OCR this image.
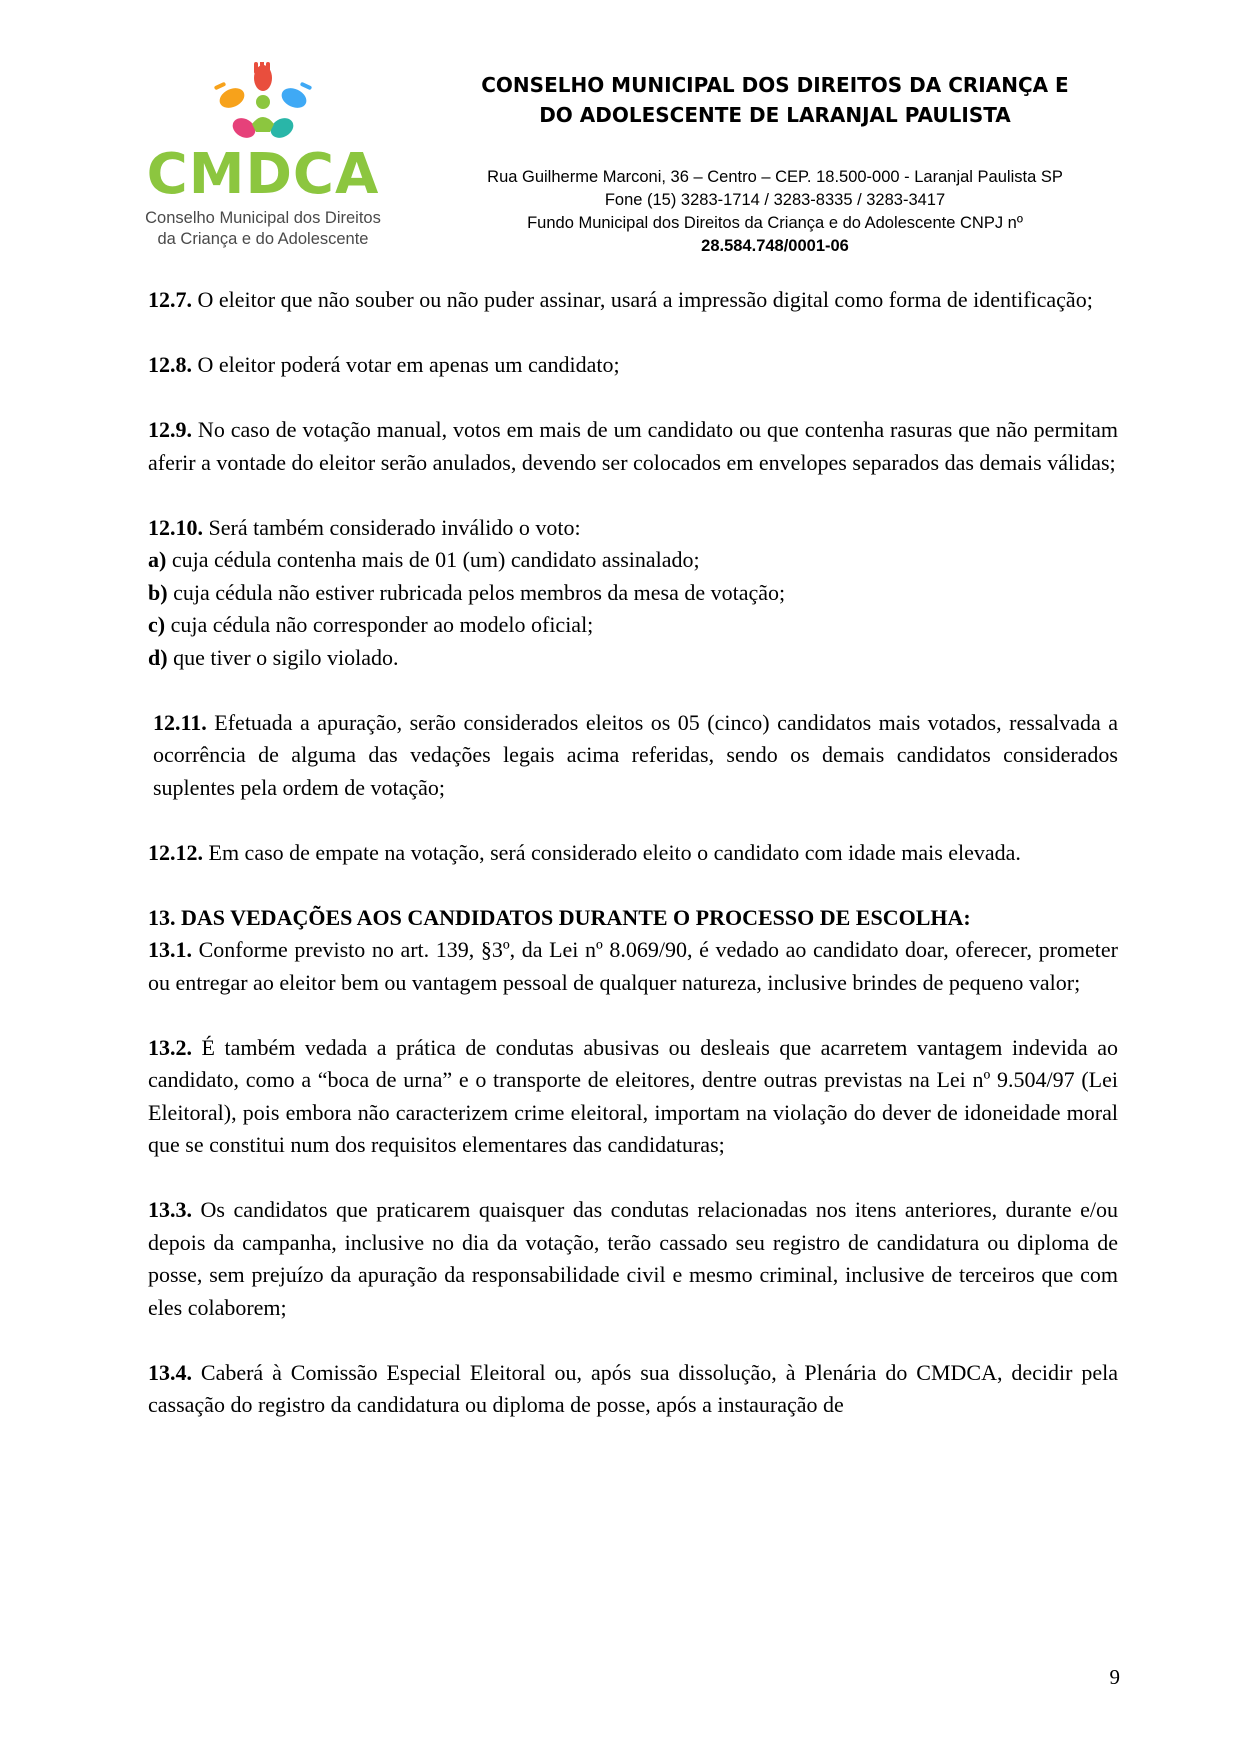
CMDCA
Conselho Municipal dos Direitos
da Criança e do Adolescente
CONSELHO MUNICIPAL DOS DIREITOS DA CRIANÇA E
DO ADOLESCENTE DE LARANJAL PAULISTA
Rua Guilherme Marconi, 36 – Centro – CEP. 18.500-000 - Laranjal Paulista SP
Fone (15) 3283-1714 / 3283-8335 / 3283-3417
Fundo Municipal dos Direitos da Criança e do Adolescente CNPJ nº
28.584.748/0001-06

12.7. O eleitor que não souber ou não puder assinar, usará a impressão digital como forma de identificação;

12.8. O eleitor poderá votar em apenas um candidato;

12.9. No caso de votação manual, votos em mais de um candidato ou que contenha rasuras que não permitam aferir a vontade do eleitor serão anulados, devendo ser colocados em envelopes separados das demais válidas;

12.10. Será também considerado inválido o voto:

a) cuja cédula contenha mais de 01 (um) candidato assinalado;

b) cuja cédula não estiver rubricada pelos membros da mesa de votação;

c) cuja cédula não corresponder ao modelo oficial;

d) que tiver o sigilo violado.

12.11. Efetuada a apuração, serão considerados eleitos os 05 (cinco) candidatos mais votados, ressalvada a ocorrência de alguma das vedações legais acima referidas, sendo os demais candidatos considerados suplentes pela ordem de votação;

12.12. Em caso de empate na votação, será considerado eleito o candidato com idade mais elevada.

13. DAS VEDAÇÕES AOS CANDIDATOS DURANTE O PROCESSO DE ESCOLHA:

13.1. Conforme previsto no art. 139, §3º, da Lei nº 8.069/90, é vedado ao candidato doar, oferecer, prometer ou entregar ao eleitor bem ou vantagem pessoal de qualquer natureza, inclusive brindes de pequeno valor;

13.2. É também vedada a prática de condutas abusivas ou desleais que acarretem vantagem indevida ao candidato, como a “boca de urna” e o transporte de eleitores, dentre outras previstas na Lei nº 9.504/97 (Lei Eleitoral), pois embora não caracterizem crime eleitoral, importam na violação do dever de idoneidade moral que se constitui num dos requisitos elementares das candidaturas;

13.3. Os candidatos que praticarem quaisquer das condutas relacionadas nos itens anteriores, durante e/ou depois da campanha, inclusive no dia da votação, terão cassado seu registro de candidatura ou diploma de posse, sem prejuízo da apuração da responsabilidade civil e mesmo criminal, inclusive de terceiros que com eles colaborem;

13.4. Caberá à Comissão Especial Eleitoral ou, após sua dissolução, à Plenária do CMDCA, decidir pela cassação do registro da candidatura ou diploma de posse, após a instauração de

9
